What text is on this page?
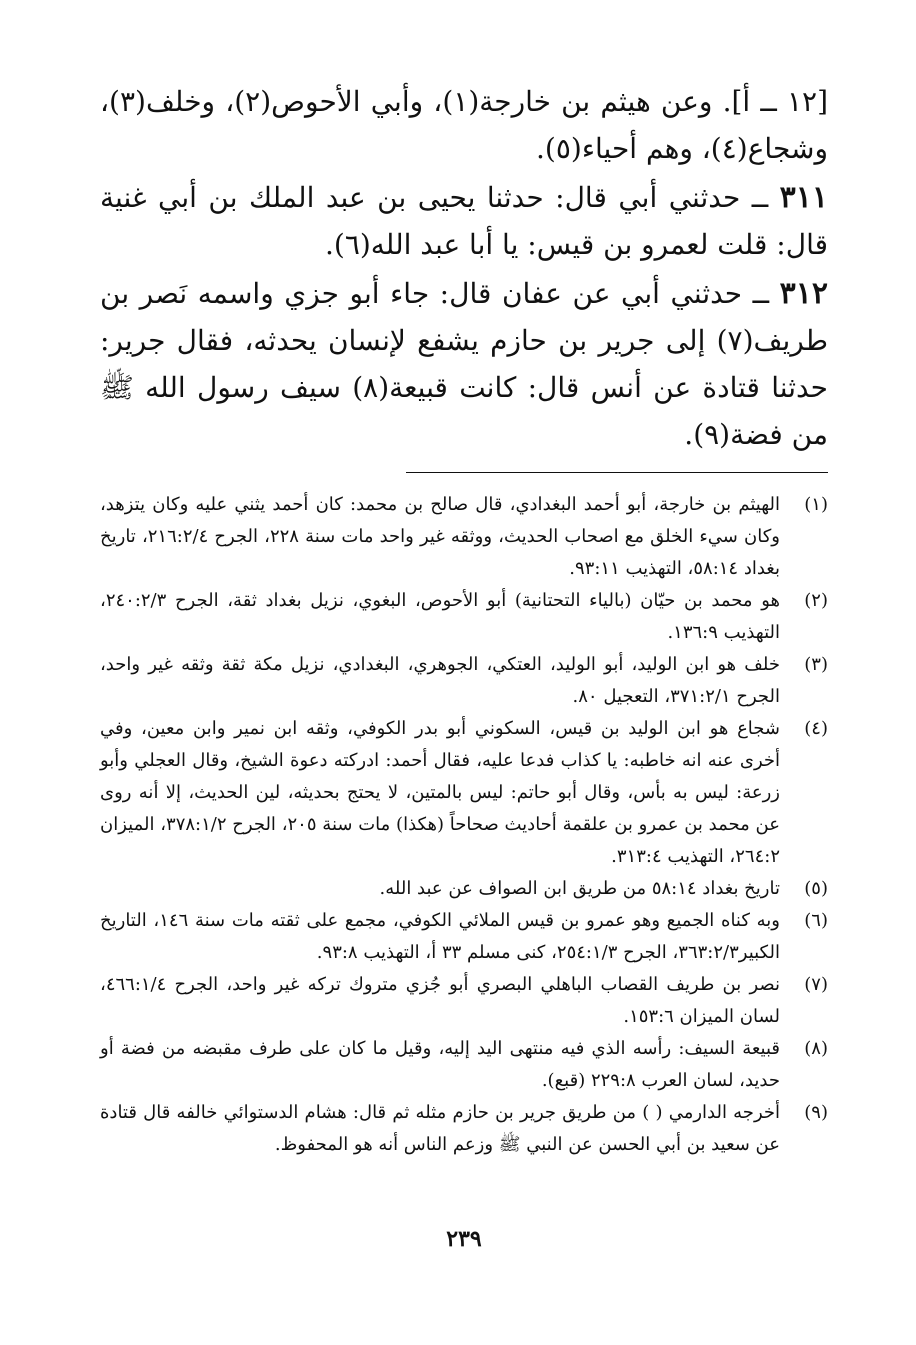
[١٢ ــ أ]. وعن هيثم بن خارجة(١)، وأبي الأحوص(٢)، وخلف(٣)، وشجاع(٤)، وهم أحياء(٥).

٣١١ ــ حدثني أبي قال: حدثنا يحيى بن عبد الملك بن أبي غنية قال: قلت لعمرو بن قيس: يا أبا عبد الله(٦).

٣١٢ ــ حدثني أبي عن عفان قال: جاء أبو جزي واسمه نَصر بن طريف(٧) إلى جرير بن حازم يشفع لإنسان يحدثه، فقال جرير: حدثنا قتادة عن أنس قال: كانت قبيعة(٨) سيف رسول الله ﷺ من فضة(٩).

(١)
الهيثم بن خارجة، أبو أحمد البغدادي، قال صالح بن محمد: كان أحمد يثني عليه وكان يتزهد، وكان سيء الخلق مع اصحاب الحديث، ووثقه غير واحد مات سنة ٢٢٨، الجرح ٢١٦:٢/٤، تاريخ بغداد ٥٨:١٤، التهذيب ٩٣:١١.
(٢)
هو محمد بن حيّان (بالياء التحتانية) أبو الأحوص، البغوي، نزيل بغداد ثقة، الجرح ٢٤٠:٢/٣، التهذيب ١٣٦:٩.
(٣)
خلف هو ابن الوليد، أبو الوليد، العتكي، الجوهري، البغدادي، نزيل مكة ثقة وثقه غير واحد، الجرح ٣٧١:٢/١، التعجيل ٨٠.
(٤)
شجاع هو ابن الوليد بن قيس، السكوني أبو بدر الكوفي، وثقه ابن نمير وابن معين، وفي أخرى عنه انه خاطبه: يا كذاب فدعا عليه، فقال أحمد: ادركته دعوة الشيخ، وقال العجلي وأبو زرعة: ليس به بأس، وقال أبو حاتم: ليس بالمتين، لا يحتج بحديثه، لين الحديث، إلا أنه روى عن محمد بن عمرو بن علقمة أحاديث صحاحاً (هكذا) مات سنة ٢٠٥، الجرح ٣٧٨:١/٢، الميزان ٢٦٤:٢، التهذيب ٣١٣:٤.
(٥)
تاريخ بغداد ٥٨:١٤ من طريق ابن الصواف عن عبد الله.
(٦)
وبه كناه الجميع وهو عمرو بن قيس الملائي الكوفي، مجمع على ثقته مات سنة ١٤٦، التاريخ الكبير٣٦٣:٢/٣، الجرح ٢٥٤:١/٣، كنى مسلم ٣٣ أ، التهذيب ٩٣:٨.
(٧)
نصر بن طريف القصاب الباهلي البصري أبو جُزي متروك تركه غير واحد، الجرح ٤٦٦:١/٤، لسان الميزان ١٥٣:٦.
(٨)
قبيعة السيف: رأسه الذي فيه منتهى اليد إليه، وقيل ما كان على طرف مقبضه من فضة أو حديد، لسان العرب ٢٢٩:٨ (قبع).
(٩)
أخرجه الدارمي ( ) من طريق جرير بن حازم مثله ثم قال: هشام الدستوائي خالفه قال قتادة عن سعيد بن أبي الحسن عن النبي ﷺ وزعم الناس أنه هو المحفوظ.
٢٣٩
